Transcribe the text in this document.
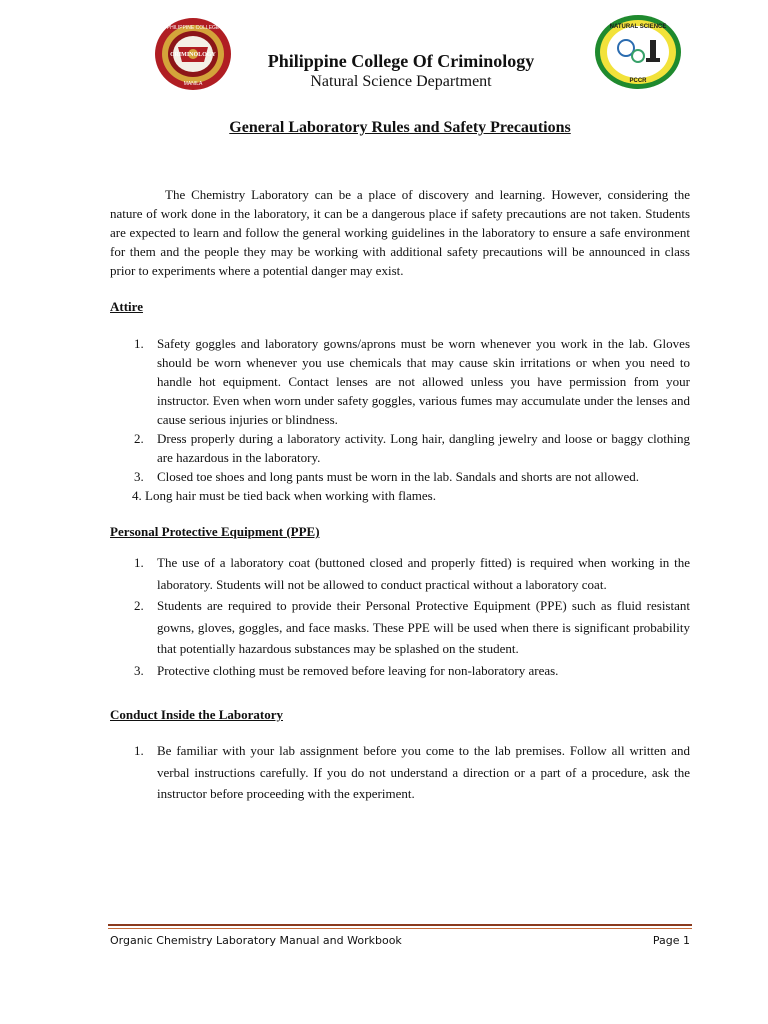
PHILIPPINE COLLEGE
CRIMINOLOGY
MANILA

Philippine College Of Criminology

Natural Science Department

NATURAL SCIENCE
PCCR
General Laboratory Rules and Safety Precautions

The Chemistry Laboratory can be a place of discovery and learning. However, considering the nature of work done in the laboratory, it can be a dangerous place if safety precautions are not taken. Students are expected to learn and follow the general working guidelines in the laboratory to ensure a safe environment for them and the people they may be working with additional safety precautions will be announced in class prior to experiments where a potential danger may exist.

Attire
1. Safety goggles and laboratory gowns/aprons must be worn whenever you work in the lab. Gloves should be worn whenever you use chemicals that may cause skin irritations or when you need to handle hot equipment. Contact lenses are not allowed unless you have permission from your instructor. Even when worn under safety goggles, various fumes may accumulate under the lenses and cause serious injuries or blindness.
2. Dress properly during a laboratory activity. Long hair, dangling jewelry and loose or baggy clothing are hazardous in the laboratory.
3. Closed toe shoes and long pants must be worn in the lab. Sandals and shorts are not allowed.
4. Long hair must be tied back when working with flames.
Personal Protective Equipment (PPE)
1. The use of a laboratory coat (buttoned closed and properly fitted) is required when working in the laboratory. Students will not be allowed to conduct practical without a laboratory coat.
2. Students are required to provide their Personal Protective Equipment (PPE) such as fluid resistant gowns, gloves, goggles, and face masks. These PPE will be used when there is significant probability that potentially hazardous substances may be splashed on the student.
3. Protective clothing must be removed before leaving for non-laboratory areas.
Conduct Inside the Laboratory
1. Be familiar with your lab assignment before you come to the lab premises. Follow all written and verbal instructions carefully. If you do not understand a direction or a part of a procedure, ask the instructor before proceeding with the experiment.
Organic Chemistry Laboratory Manual and Workbook	Page 1
